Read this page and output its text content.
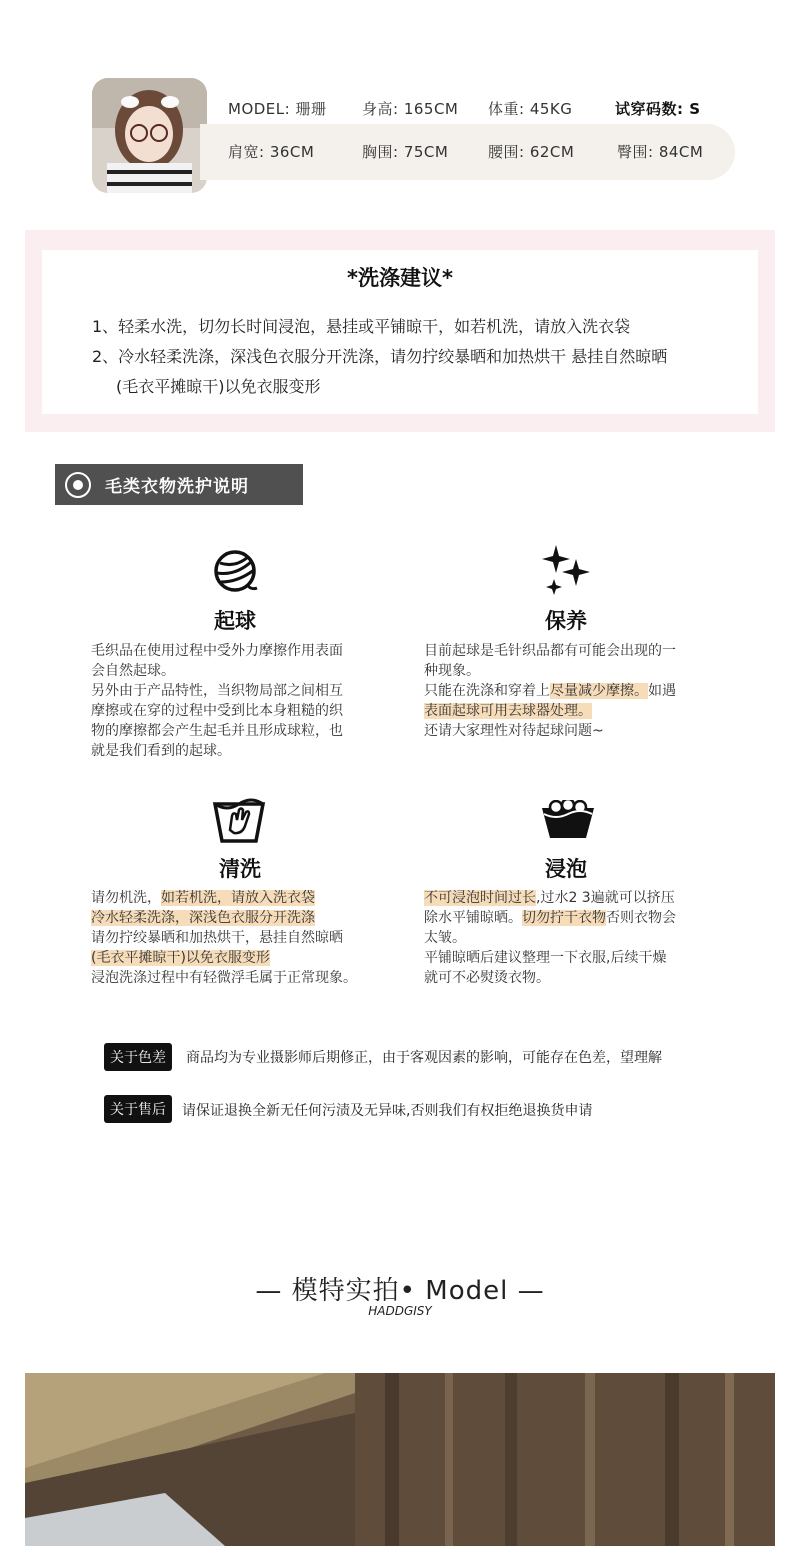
MODEL: 珊珊 身高: 165CM 体重: 45KG	试穿码数: S
肩宽: 36CM	胸围: 75CM	腰围: 62CM	臀围: 84CM
*洗涤建议*
1、轻柔水洗，切勿长时间浸泡，悬挂或平铺晾干，如若机洗，请放入洗衣袋
2、冷水轻柔洗涤，深浅色衣服分开洗涤，请勿拧绞暴晒和加热烘干 悬挂自然晾晒
(毛衣平摊晾干)以免衣服变形
毛类衣物洗护说明
起球
毛织品在使用过程中受外力摩擦作用表面
会自然起球。
另外由于产品特性，当织物局部之间相互
摩擦或在穿的过程中受到比本身粗糙的织
物的摩擦都会产生起毛并且形成球粒，也
就是我们看到的起球。
保养
目前起球是毛针织品都有可能会出现的一
种现象。
只能在洗涤和穿着上尽量减少摩擦。如遇
表面起球可用去球器处理。
还请大家理性对待起球问题~
清洗
请勿机洗，如若机洗，请放入洗衣袋
冷水轻柔洗涤，深浅色衣服分开洗涤
请勿拧绞暴晒和加热烘干，悬挂自然晾晒
(毛衣平摊晾干)以免衣服变形
浸泡洗涤过程中有轻微浮毛属于正常现象。
浸泡
不可浸泡时间过长,过水2 3遍就可以挤压
除水平铺晾晒。切勿拧干衣物否则衣物会
太皱。
平铺晾晒后建议整理一下衣服,后续干燥
就可不必熨烫衣物。
关于色差	商品均为专业摄影师后期修正，由于客观因素的影响，可能存在色差，望理解
关于售后	请保证退换全新无任何污渍及无异味,否则我们有权拒绝退换货申请
— 模特实拍• Model —
HADDGISY
